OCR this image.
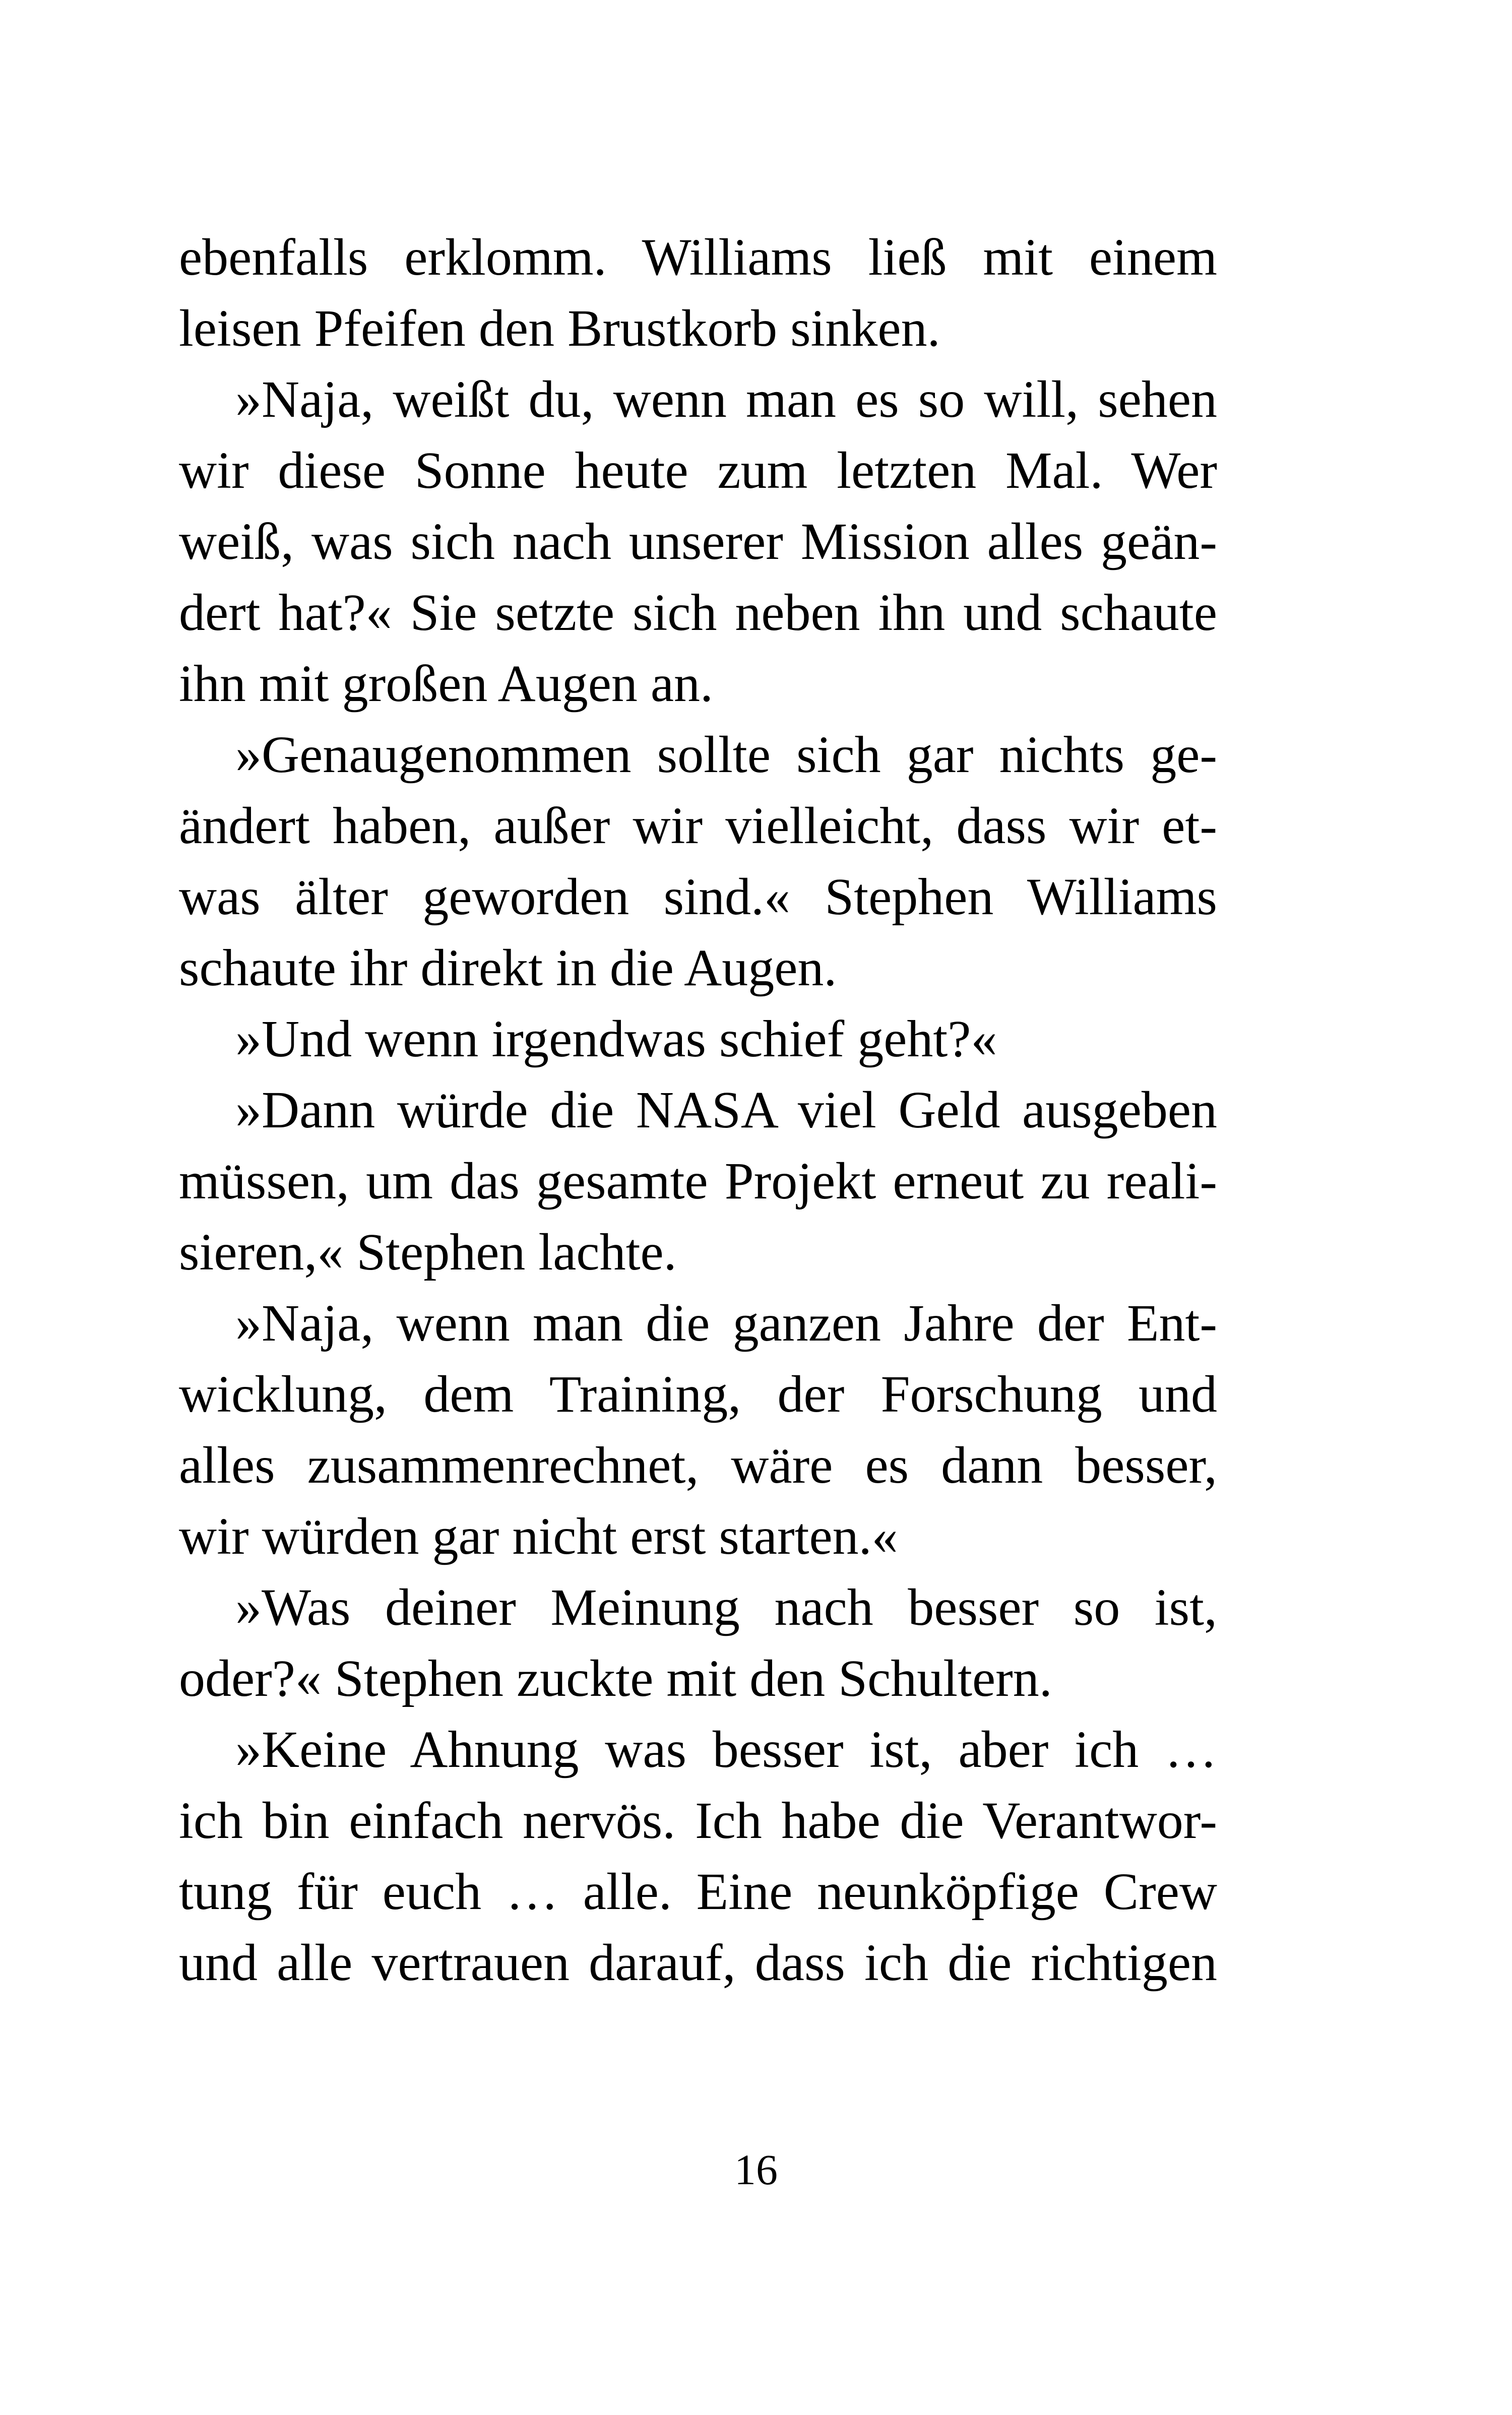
ebenfalls erklomm. Williams ließ mit einem
leisen Pfeifen den Brustkorb sinken.
»Naja, weißt du, wenn man es so will, sehen
wir diese Sonne heute zum letzten Mal. Wer
weiß, was sich nach unserer Mission alles geän-
dert hat?« Sie setzte sich neben ihn und schaute
ihn mit großen Augen an.
»Genaugenommen sollte sich gar nichts ge-
ändert haben, außer wir vielleicht, dass wir et-
was älter geworden sind.« Stephen Williams
schaute ihr direkt in die Augen.
»Und wenn irgendwas schief geht?«
»Dann würde die NASA viel Geld ausgeben
müssen, um das gesamte Projekt erneut zu reali-
sieren,« Stephen lachte.
»Naja, wenn man die ganzen Jahre der Ent-
wicklung, dem Training, der Forschung und
alles zusammenrechnet, wäre es dann besser,
wir würden gar nicht erst starten.«
»Was deiner Meinung nach besser so ist,
oder?« Stephen zuckte mit den Schultern.
»Keine Ahnung was besser ist, aber ich …
ich bin einfach nervös. Ich habe die Verantwor-
tung für euch … alle. Eine neunköpfige Crew
und alle vertrauen darauf, dass ich die richtigen
16
